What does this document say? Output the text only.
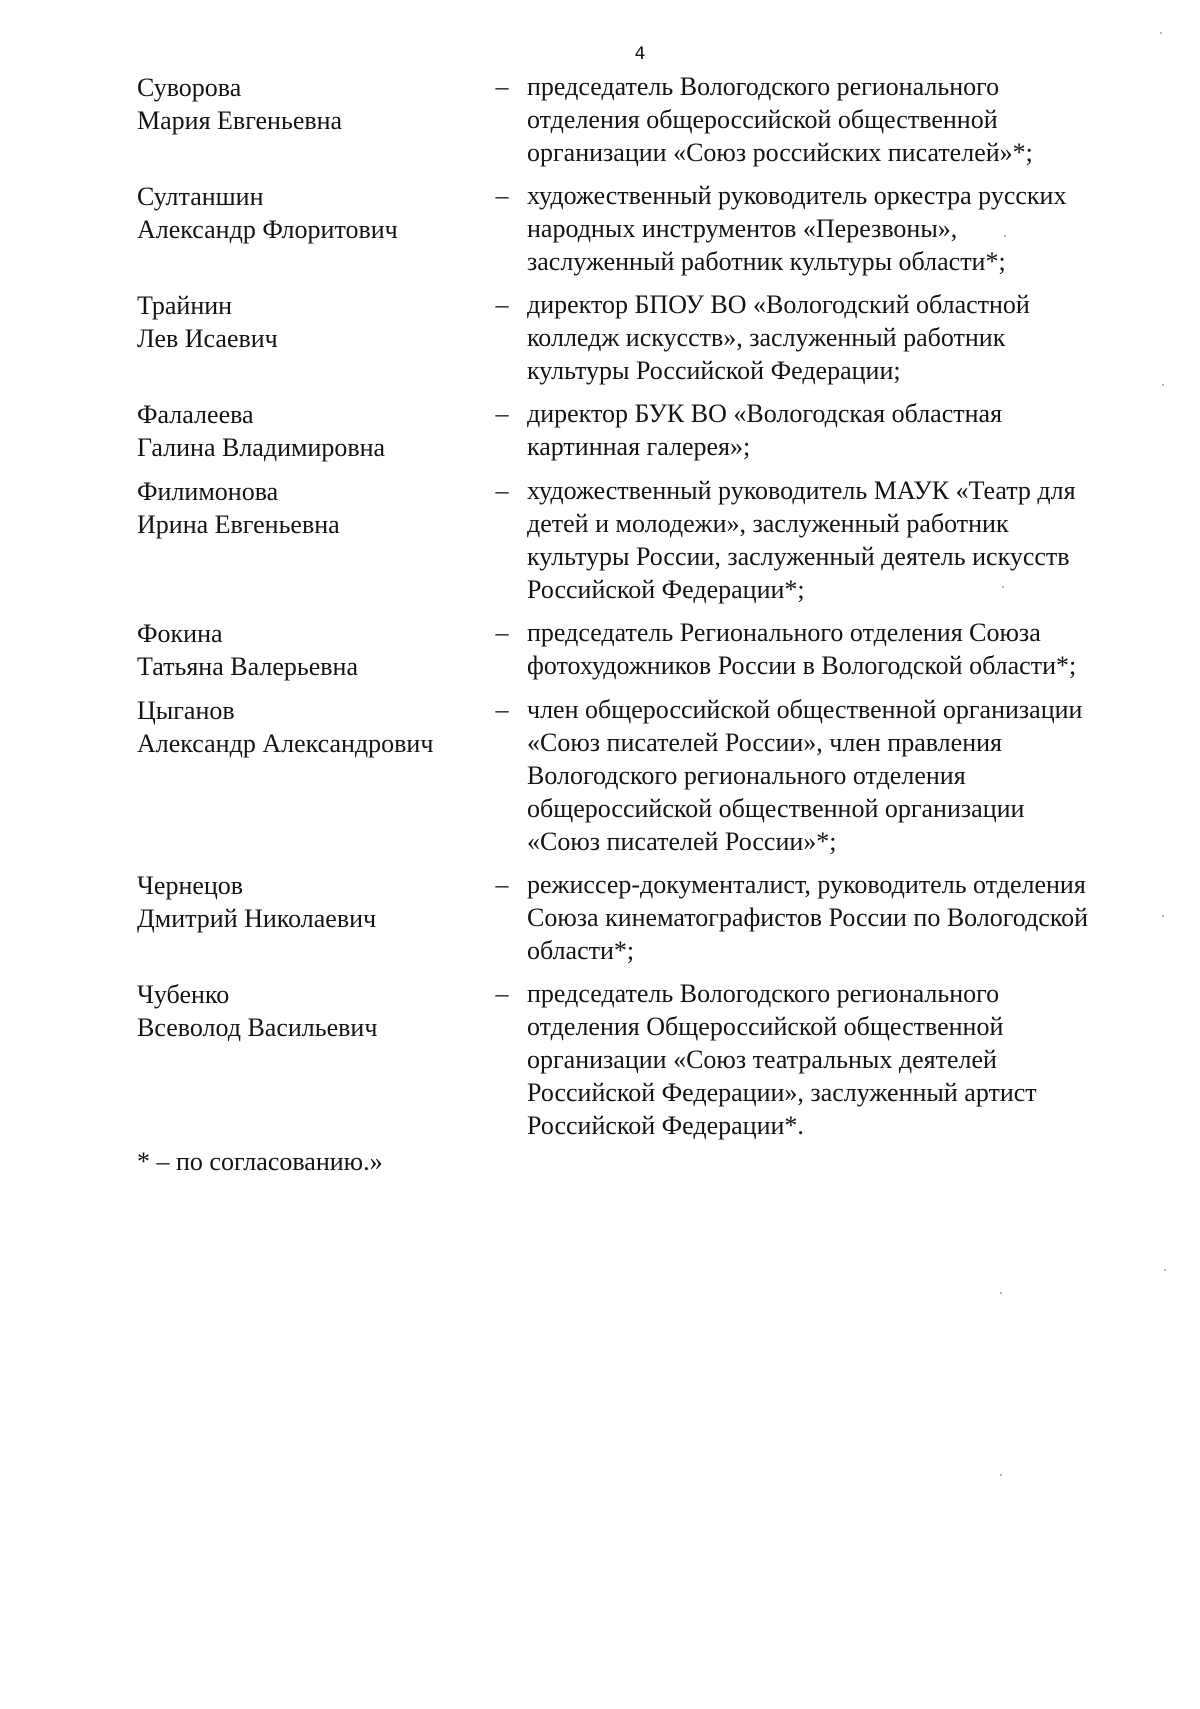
4
Суворова
Мария Евгеньевна
– председатель Вологодского регионального
отделения общероссийской общественной
организации «Союз российских писателей»*;
Султаншин
Александр Флоритович
– художественный руководитель оркестра русских
народных инструментов «Перезвоны»,
заслуженный работник культуры области*;
Трайнин
Лев Исаевич
– директор БПОУ ВО «Вологодский областной
колледж искусств», заслуженный работник
культуры Российской Федерации;
Фалалеева
Галина Владимировна
– директор БУК ВО «Вологодская областная
картинная галерея»;
Филимонова
Ирина Евгеньевна
– художественный руководитель МАУК «Театр для
детей и молодежи», заслуженный работник
культуры России, заслуженный деятель искусств
Российской Федерации*;
Фокина
Татьяна Валерьевна
– председатель Регионального отделения Союза
фотохудожников России в Вологодской области*;
Цыганов
Александр Александрович
– член общероссийской общественной организации
«Союз писателей России», член правления
Вологодского регионального отделения
общероссийской общественной организации
«Союз писателей России»*;
Чернецов
Дмитрий Николаевич
– режиссер-документалист, руководитель отделения
Союза кинематографистов России по Вологодской
области*;
Чубенко
Всеволод Васильевич
– председатель Вологодского регионального
отделения Общероссийской общественной
организации «Союз театральных деятелей
Российской Федерации», заслуженный артист
Российской Федерации*.
* – по согласованию.»
